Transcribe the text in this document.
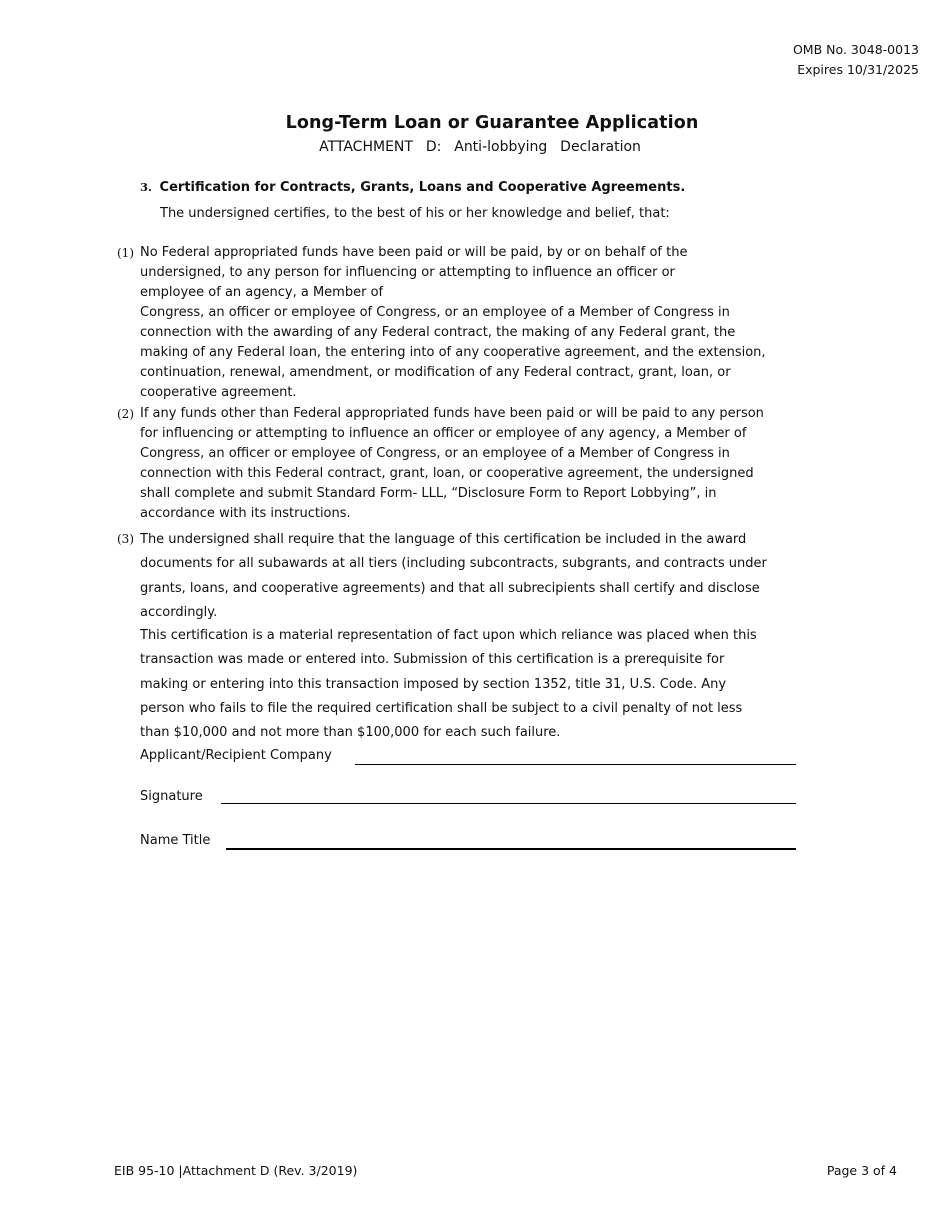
OMB No. 3048-0013
Expires 10/31/2025
Long-Term Loan or Guarantee Application
ATTACHMENT  D:  Anti-lobbying  Declaration
3. Certification for Contracts, Grants, Loans and Cooperative Agreements.
The undersigned certifies, to the best of his or her knowledge and belief, that:
(1) No Federal appropriated funds have been paid or will be paid, by or on behalf of the
undersigned, to any person for influencing or attempting to influence an officer or
employee of an agency, a Member of
Congress, an officer or employee of Congress, or an employee of a Member of Congress in
connection with the awarding of any Federal contract, the making of any Federal grant, the
making of any Federal loan, the entering into of any cooperative agreement, and the extension,
continuation, renewal, amendment, or modification of any Federal contract, grant, loan, or
cooperative agreement.
(2) If any funds other than Federal appropriated funds have been paid or will be paid to any person
for influencing or attempting to influence an officer or employee of any agency, a Member of
Congress, an officer or employee of Congress, or an employee of a Member of Congress in
connection with this Federal contract, grant, loan, or cooperative agreement, the undersigned
shall complete and submit Standard Form- LLL, “Disclosure Form to Report Lobbying”, in
accordance with its instructions.
(3) The undersigned shall require that the language of this certification be included in the award
documents for all subawards at all tiers (including subcontracts, subgrants, and contracts under
grants, loans, and cooperative agreements) and that all subrecipients shall certify and disclose
accordingly.
This certification is a material representation of fact upon which reliance was placed when this
transaction was made or entered into. Submission of this certification is a prerequisite for
making or entering into this transaction imposed by section 1352, title 31, U.S. Code. Any
person who fails to file the required certification shall be subject to a civil penalty of not less
than $10,000 and not more than $100,000 for each such failure.
Applicant/Recipient Company
Signature
Name Title
EIB 95-10 |Attachment D (Rev. 3/2019)	Page 3 of 4
